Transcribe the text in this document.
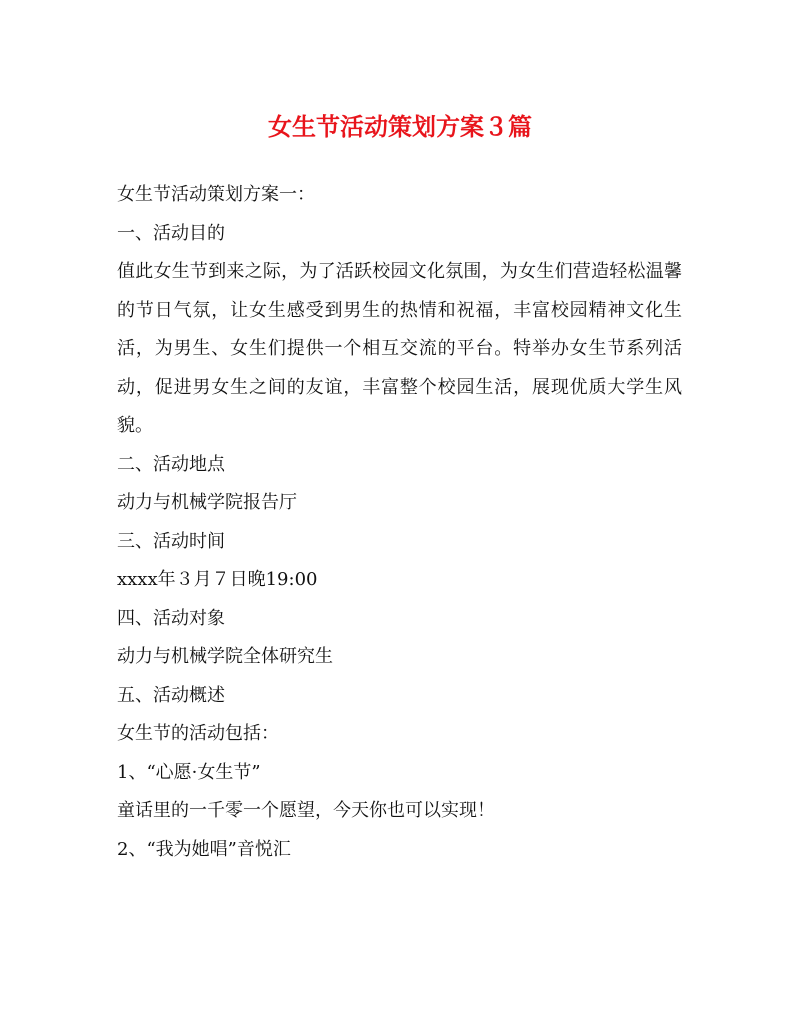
女生节活动策划方案３篇

女生节活动策划方案一：

一、活动目的

值此女生节到来之际，为了活跃校园文化氛围，为女生们营造轻松温馨的节日气氛，让女生感受到男生的热情和祝福，丰富校园精神文化生活，为男生、女生们提供一个相互交流的平台。特举办女生节系列活动，促进男女生之间的友谊，丰富整个校园生活，展现优质大学生风貌。

二、活动地点

动力与机械学院报告厅

三、活动时间

xxxx年３月７日晚19:00

四、活动对象

动力与机械学院全体研究生

五、活动概述

女生节的活动包括：

1、“心愿·女生节”

童话里的一千零一个愿望，今天你也可以实现！

2、“我为她唱”音悦汇
